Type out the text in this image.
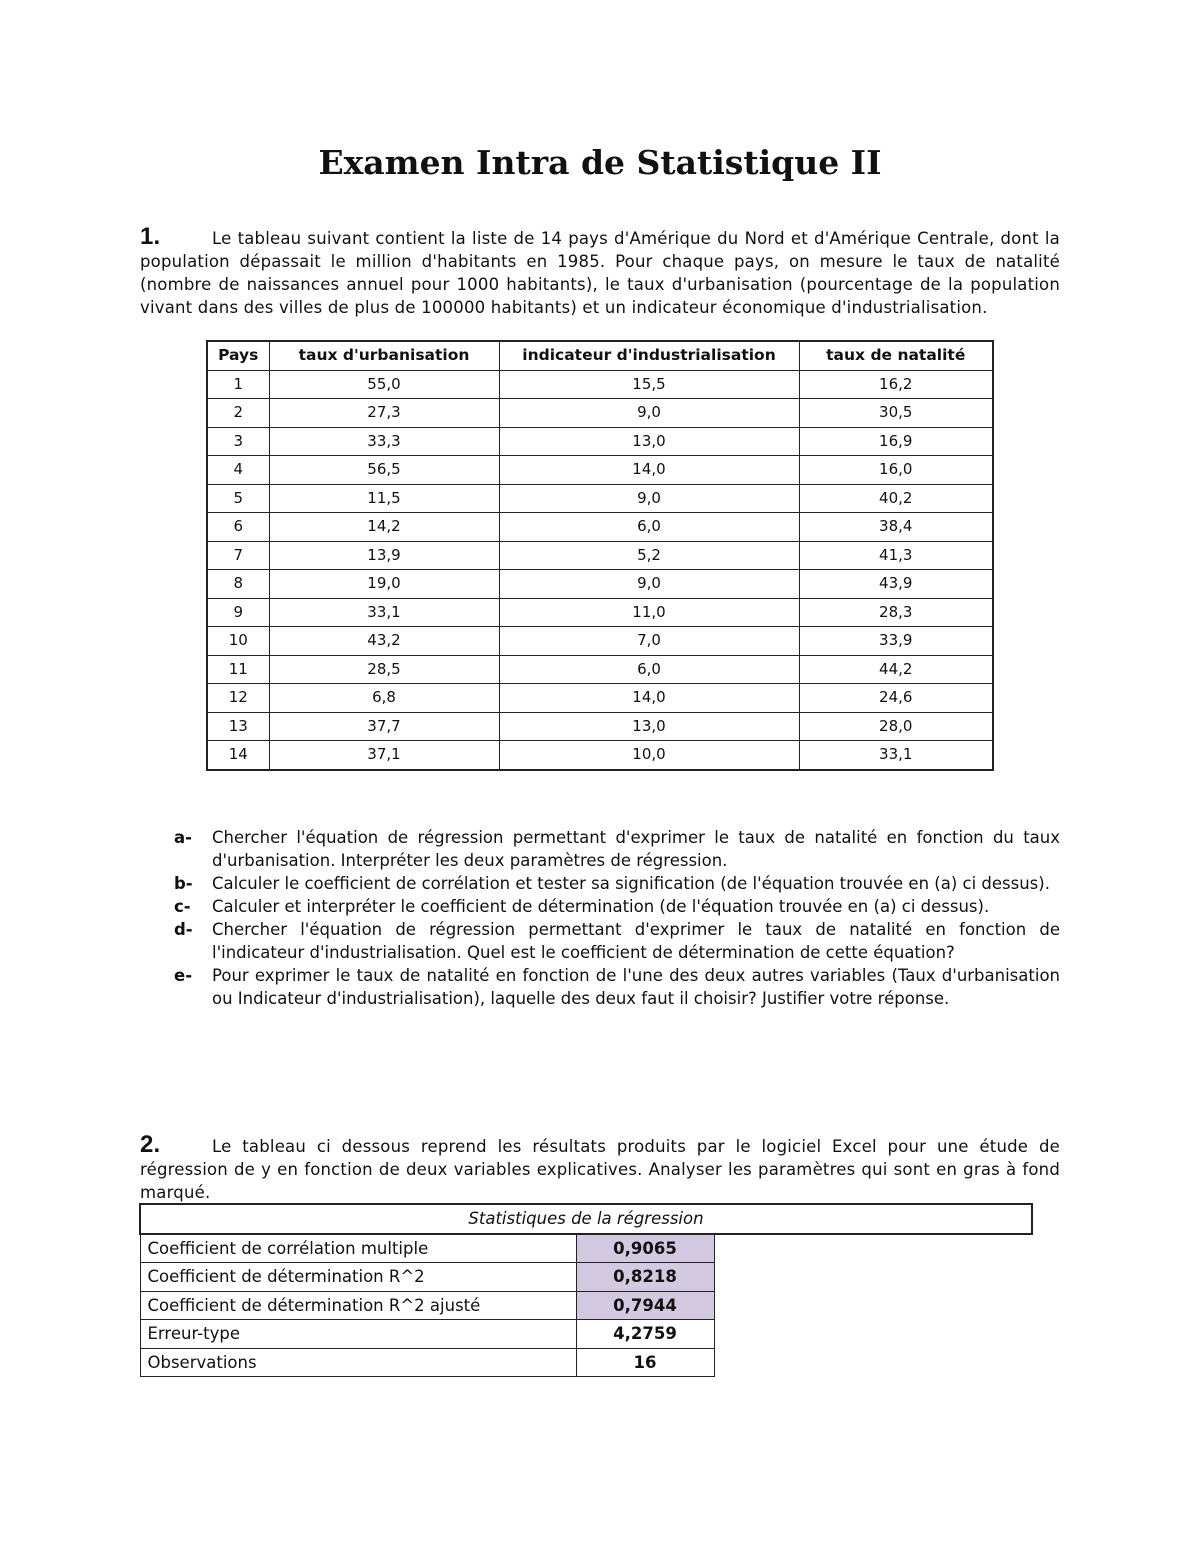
Examen Intra de Statistique II

1.	Le tableau suivant contient la liste de 14 pays d'Amérique du Nord et d'Amérique Centrale, dont la population dépassait le million d'habitants en 1985. Pour chaque pays, on mesure le taux de natalité (nombre de naissances annuel pour 1000 habitants), le taux d'urbanisation (pourcentage de la population vivant dans des villes de plus de 100000 habitants) et un indicateur économique d'industrialisation.

Pays	taux d'urbanisation	indicateur d'industrialisation	taux de natalité
1	55,0	15,5	16,2
2	27,3	9,0	30,5
3	33,3	13,0	16,9
4	56,5	14,0	16,0
5	11,5	9,0	40,2
6	14,2	6,0	38,4
7	13,9	5,2	41,3
8	19,0	9,0	43,9
9	33,1	11,0	28,3
10	43,2	7,0	33,9
11	28,5	6,0	44,2
12	6,8	14,0	24,6
13	37,7	13,0	28,0
14	37,1	10,0	33,1
a-	Chercher l'équation de régression permettant d'exprimer le taux de natalité en fonction du taux d'urbanisation. Interpréter les deux paramètres de régression.
b-	Calculer le coefficient de corrélation et tester sa signification (de l'équation trouvée en (a) ci dessus).
c-	Calculer et interpréter le coefficient de détermination (de l'équation trouvée en (a) ci dessus).
d-	Chercher l'équation de régression permettant d'exprimer le taux de natalité en fonction de l'indicateur d'industrialisation. Quel est le coefficient de détermination de cette équation?
e-	Pour exprimer le taux de natalité en fonction de l'une des deux autres variables (Taux d'urbanisation ou Indicateur d'industrialisation), laquelle des deux faut il choisir? Justifier votre réponse.

2.	Le tableau ci dessous reprend les résultats produits par le logiciel Excel pour une étude de régression de y en fonction de deux variables explicatives. Analyser les paramètres qui sont en gras à fond marqué.

Statistiques de la régression		
Coefficient de corrélation multiple	0,9065	
Coefficient de détermination R^2	0,8218	
Coefficient de détermination R^2 ajusté	0,7944	
Erreur-type	4,2759	
Observations	16	
